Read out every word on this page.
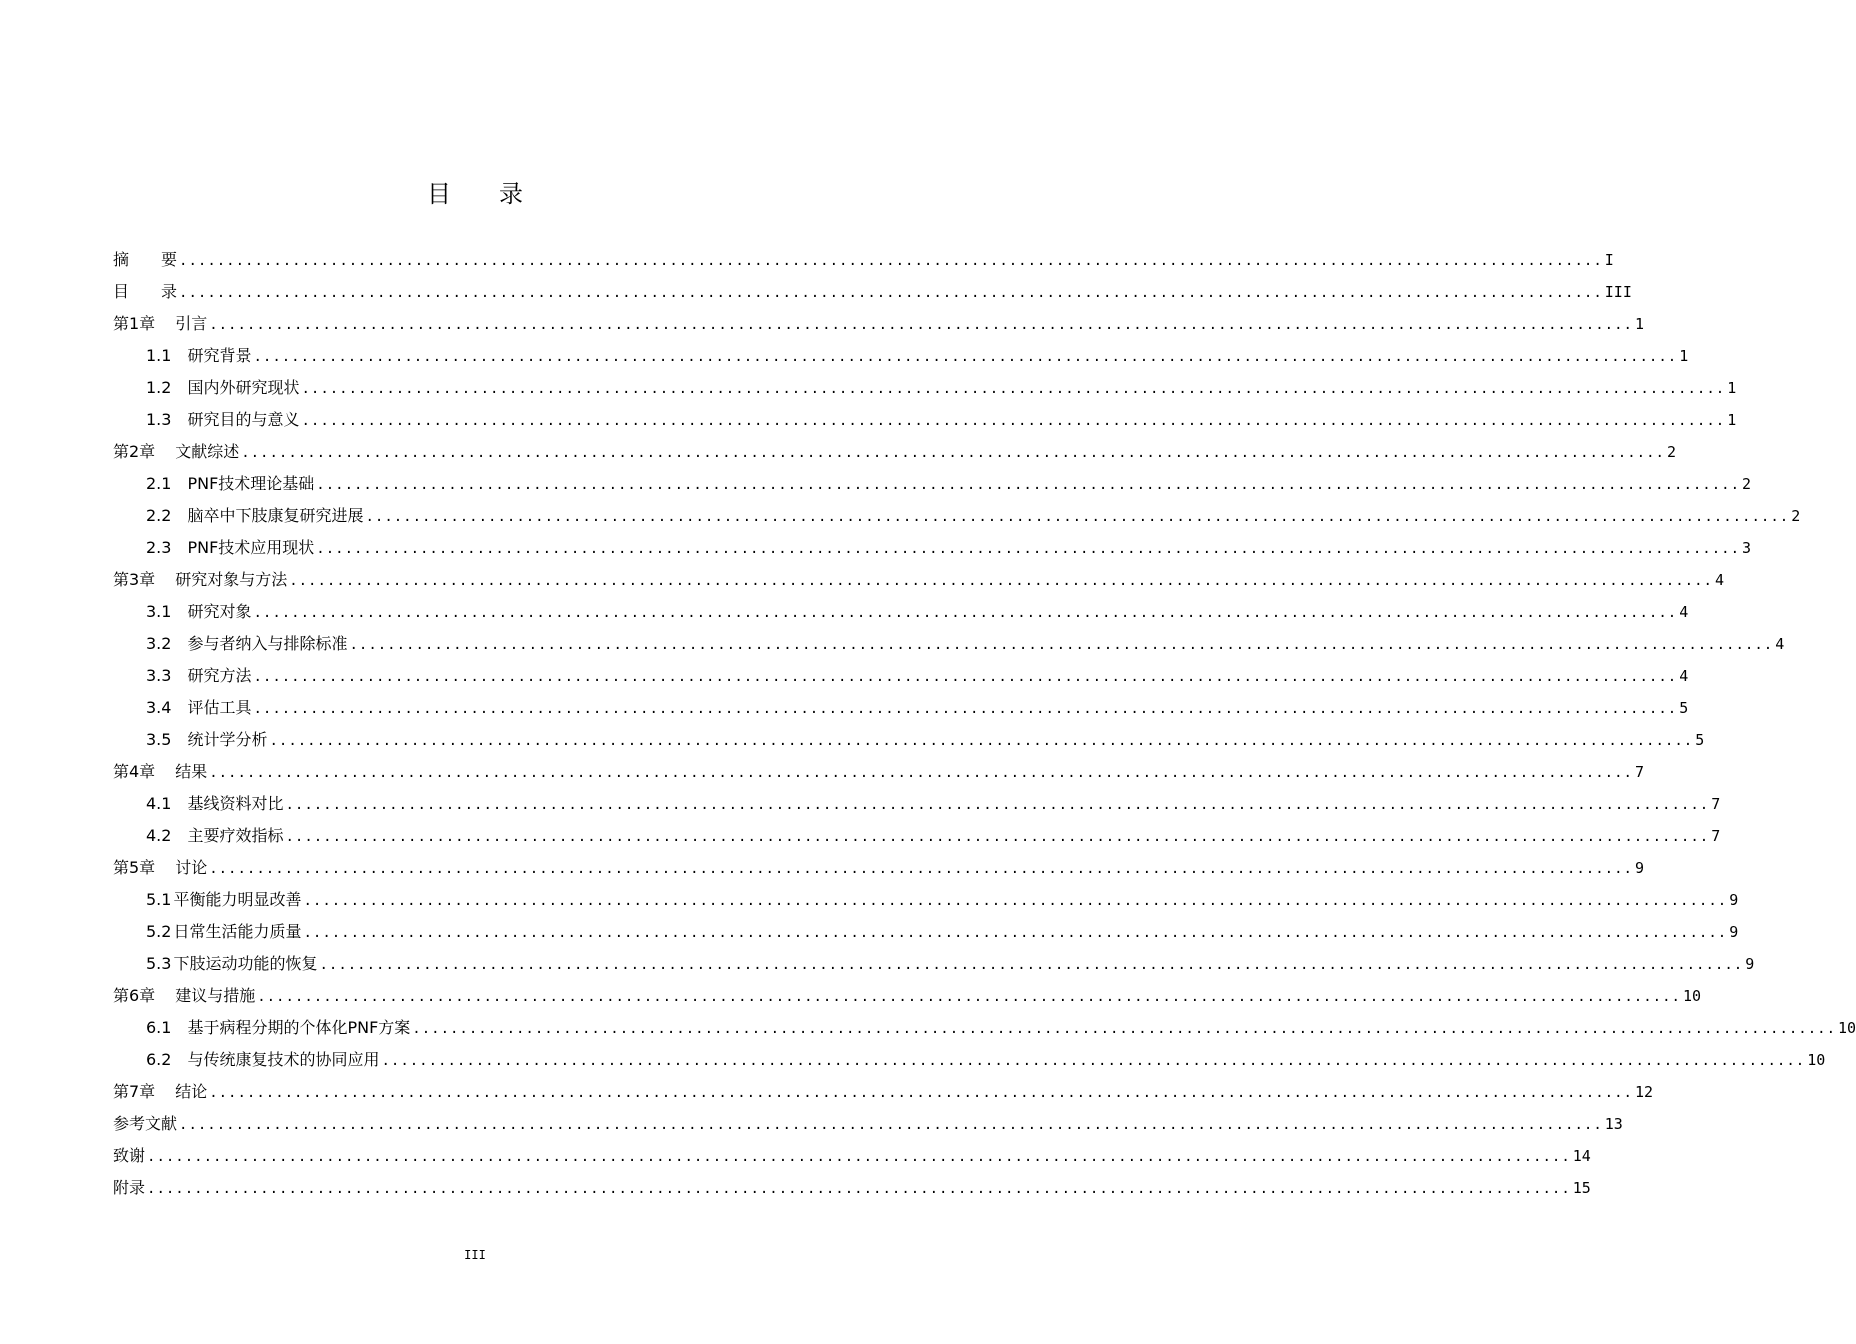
目 录
摘 要 ....................................................................................................................................................... I
目 录 ....................................................................................................................................................... III
第1章 引言 ....................................................................................................................................................... 1
1.1 研究背景 ....................................................................................................................................................... 1
1.2 国内外研究现状 ....................................................................................................................................................... 1
1.3 研究目的与意义 ....................................................................................................................................................... 1
第2章 文献综述 ....................................................................................................................................................... 2
2.1 PNF技术理论基础 ....................................................................................................................................................... 2
2.2 脑卒中下肢康复研究进展 ....................................................................................................................................................... 2
2.3 PNF技术应用现状 ....................................................................................................................................................... 3
第3章 研究对象与方法 ....................................................................................................................................................... 4
3.1 研究对象 ....................................................................................................................................................... 4
3.2 参与者纳入与排除标准 ....................................................................................................................................................... 4
3.3 研究方法 ....................................................................................................................................................... 4
3.4 评估工具 ....................................................................................................................................................... 5
3.5 统计学分析 ....................................................................................................................................................... 5
第4章 结果 ....................................................................................................................................................... 7
4.1 基线资料对比 ....................................................................................................................................................... 7
4.2 主要疗效指标 ....................................................................................................................................................... 7
第5章 讨论 ....................................................................................................................................................... 9
5.1 平衡能力明显改善 ....................................................................................................................................................... 9
5.2 日常生活能力质量 ....................................................................................................................................................... 9
5.3 下肢运动功能的恢复 ....................................................................................................................................................... 9
第6章 建议与措施 ....................................................................................................................................................... 10
6.1 基于病程分期的个体化PNF方案 ....................................................................................................................................................... 10
6.2 与传统康复技术的协同应用 ....................................................................................................................................................... 10
第7章 结论 ....................................................................................................................................................... 12
参考文献 ....................................................................................................................................................... 13
致谢 ....................................................................................................................................................... 14
附录 ....................................................................................................................................................... 15
III
